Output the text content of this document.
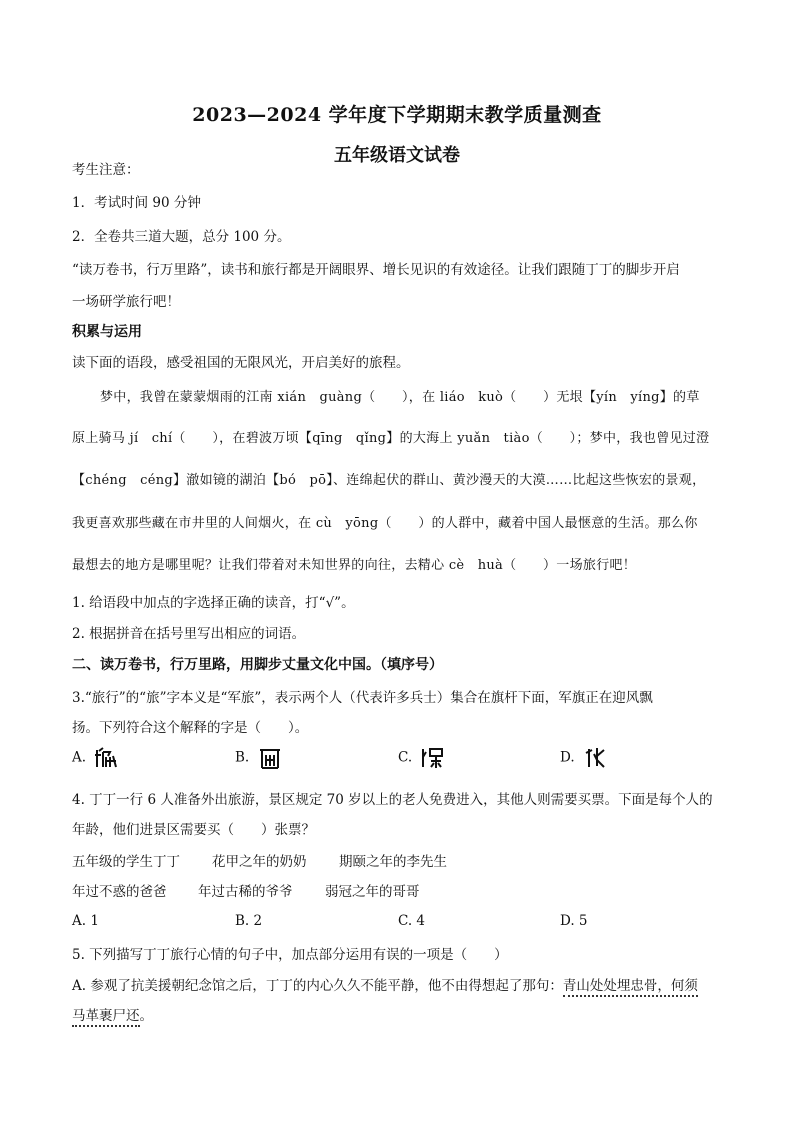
2023—2024 学年度下学期期末教学质量测查
五年级语文试卷
考生注意：
1．考试时间 90 分钟
2．全卷共三道大题，总分 100 分。
“读万卷书，行万里路”，读书和旅行都是开阔眼界、增长见识的有效途径。让我们跟随丁丁的脚步开启
一场研学旅行吧！
积累与运用
读下面的语段，感受祖国的无限风光，开启美好的旅程。
梦中，我曾在蒙蒙烟雨的江南 xián　guàng（　　），在 liáo　kuò（　　）无垠【yín　yíng】的草
原上骑马 jí　chí（　　），在碧波万顷【qīng　qǐng】的大海上 yuǎn　tiào（　　）；梦中，我也曾见过澄
【chéng　céng】澈如镜的湖泊【bó　pō】、连绵起伏的群山、黄沙漫天的大漠……比起这些恢宏的景观，
我更喜欢那些藏在市井里的人间烟火，在 cù　yōng（　　）的人群中，藏着中国人最惬意的生活。那么你
最想去的地方是哪里呢？让我们带着对未知世界的向往，去精心 cè　huà（　　）一场旅行吧！
1. 给语段中加点的字选择正确的读音，打“√”。
2. 根据拼音在括号里写出相应的词语。
二、读万卷书，行万里路，用脚步丈量文化中国。（填序号）
3.“旅行”的“旅”字本义是“军旅”，表示两个人（代表许多兵士）集合在旗杆下面，军旗正在迎风飘
扬。下列符合这个解释的字是（　　）。
A.	B.	C.	D.
4. 丁丁一行 6 人准备外出旅游，景区规定 70 岁以上的老人免费进入，其他人则需要买票。下面是每个人的
年龄，他们进景区需要买（　　）张票？
五年级的学生丁丁 花甲之年的奶奶 期颐之年的李先生
年过不惑的爸爸 年过古稀的爷爷 弱冠之年的哥哥
A. 1	B. 2	C. 4	D. 5
5. 下列描写丁丁旅行心情的句子中，加点部分运用有误的一项是（　　）
A. 参观了抗美援朝纪念馆之后，丁丁的内心久久不能平静，他不由得想起了那句：青山处处埋忠骨，何须
马革裹尸还。
